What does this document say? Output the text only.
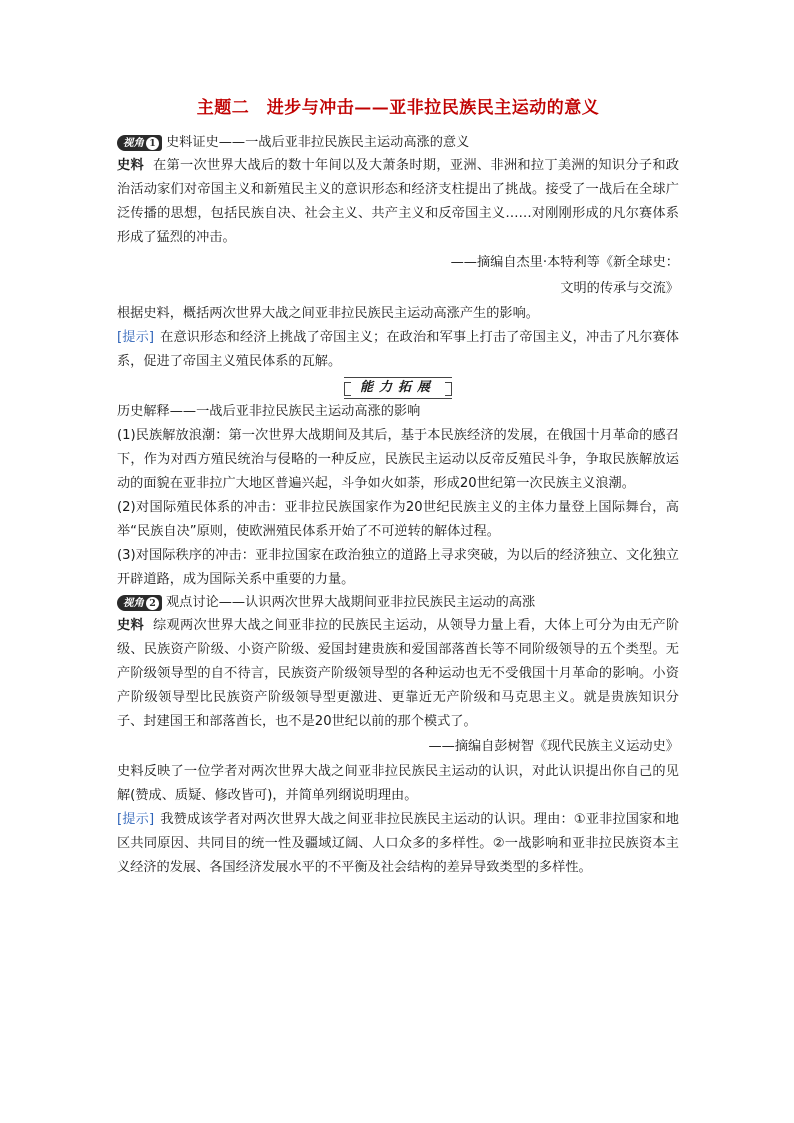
主题二　进步与冲击——亚非拉民族民主运动的意义
视角 1 史料证史——一战后亚非拉民族民主运动高涨的意义

史料 在第一次世界大战后的数十年间以及大萧条时期，亚洲、非洲和拉丁美洲的知识分子和政治活动家们对帝国主义和新殖民主义的意识形态和经济支柱提出了挑战。接受了一战后在全球广泛传播的思想，包括民族自决、社会主义、共产主义和反帝国主义……对刚刚形成的凡尔赛体系形成了猛烈的冲击。

——摘编自杰里·本特利等《新全球史：

文明的传承与交流》

根据史料，概括两次世界大战之间亚非拉民族民主运动高涨产生的影响。

[提示] 在意识形态和经济上挑战了帝国主义；在政治和军事上打击了帝国主义，冲击了凡尔赛体系，促进了帝国主义殖民体系的瓦解。

能力拓展

历史解释——一战后亚非拉民族民主运动高涨的影响

(1)民族解放浪潮：第一次世界大战期间及其后，基于本民族经济的发展，在俄国十月革命的感召下，作为对西方殖民统治与侵略的一种反应，民族民主运动以反帝反殖民斗争，争取民族解放运动的面貌在亚非拉广大地区普遍兴起，斗争如火如荼，形成20世纪第一次民族主义浪潮。

(2)对国际殖民体系的冲击：亚非拉民族国家作为20世纪民族主义的主体力量登上国际舞台，高举“民族自决”原则，使欧洲殖民体系开始了不可逆转的解体过程。

(3)对国际秩序的冲击：亚非拉国家在政治独立的道路上寻求突破，为以后的经济独立、文化独立开辟道路，成为国际关系中重要的力量。

视角 2 观点讨论——认识两次世界大战期间亚非拉民族民主运动的高涨

史料 综观两次世界大战之间亚非拉的民族民主运动，从领导力量上看，大体上可分为由无产阶级、民族资产阶级、小资产阶级、爱国封建贵族和爱国部落酋长等不同阶级领导的五个类型。无产阶级领导型的自不待言，民族资产阶级领导型的各种运动也无不受俄国十月革命的影响。小资产阶级领导型比民族资产阶级领导型更激进、更靠近无产阶级和马克思主义。就是贵族知识分子、封建国王和部落酋长，也不是20世纪以前的那个模式了。

——摘编自彭树智《现代民族主义运动史》

史料反映了一位学者对两次世界大战之间亚非拉民族民主运动的认识，对此认识提出你自己的见解(赞成、质疑、修改皆可)，并简单列纲说明理由。

[提示] 我赞成该学者对两次世界大战之间亚非拉民族民主运动的认识。理由：①亚非拉国家和地区共同原因、共同目的统一性及疆域辽阔、人口众多的多样性。②一战影响和亚非拉民族资本主义经济的发展、各国经济发展水平的不平衡及社会结构的差异导致类型的多样性。
